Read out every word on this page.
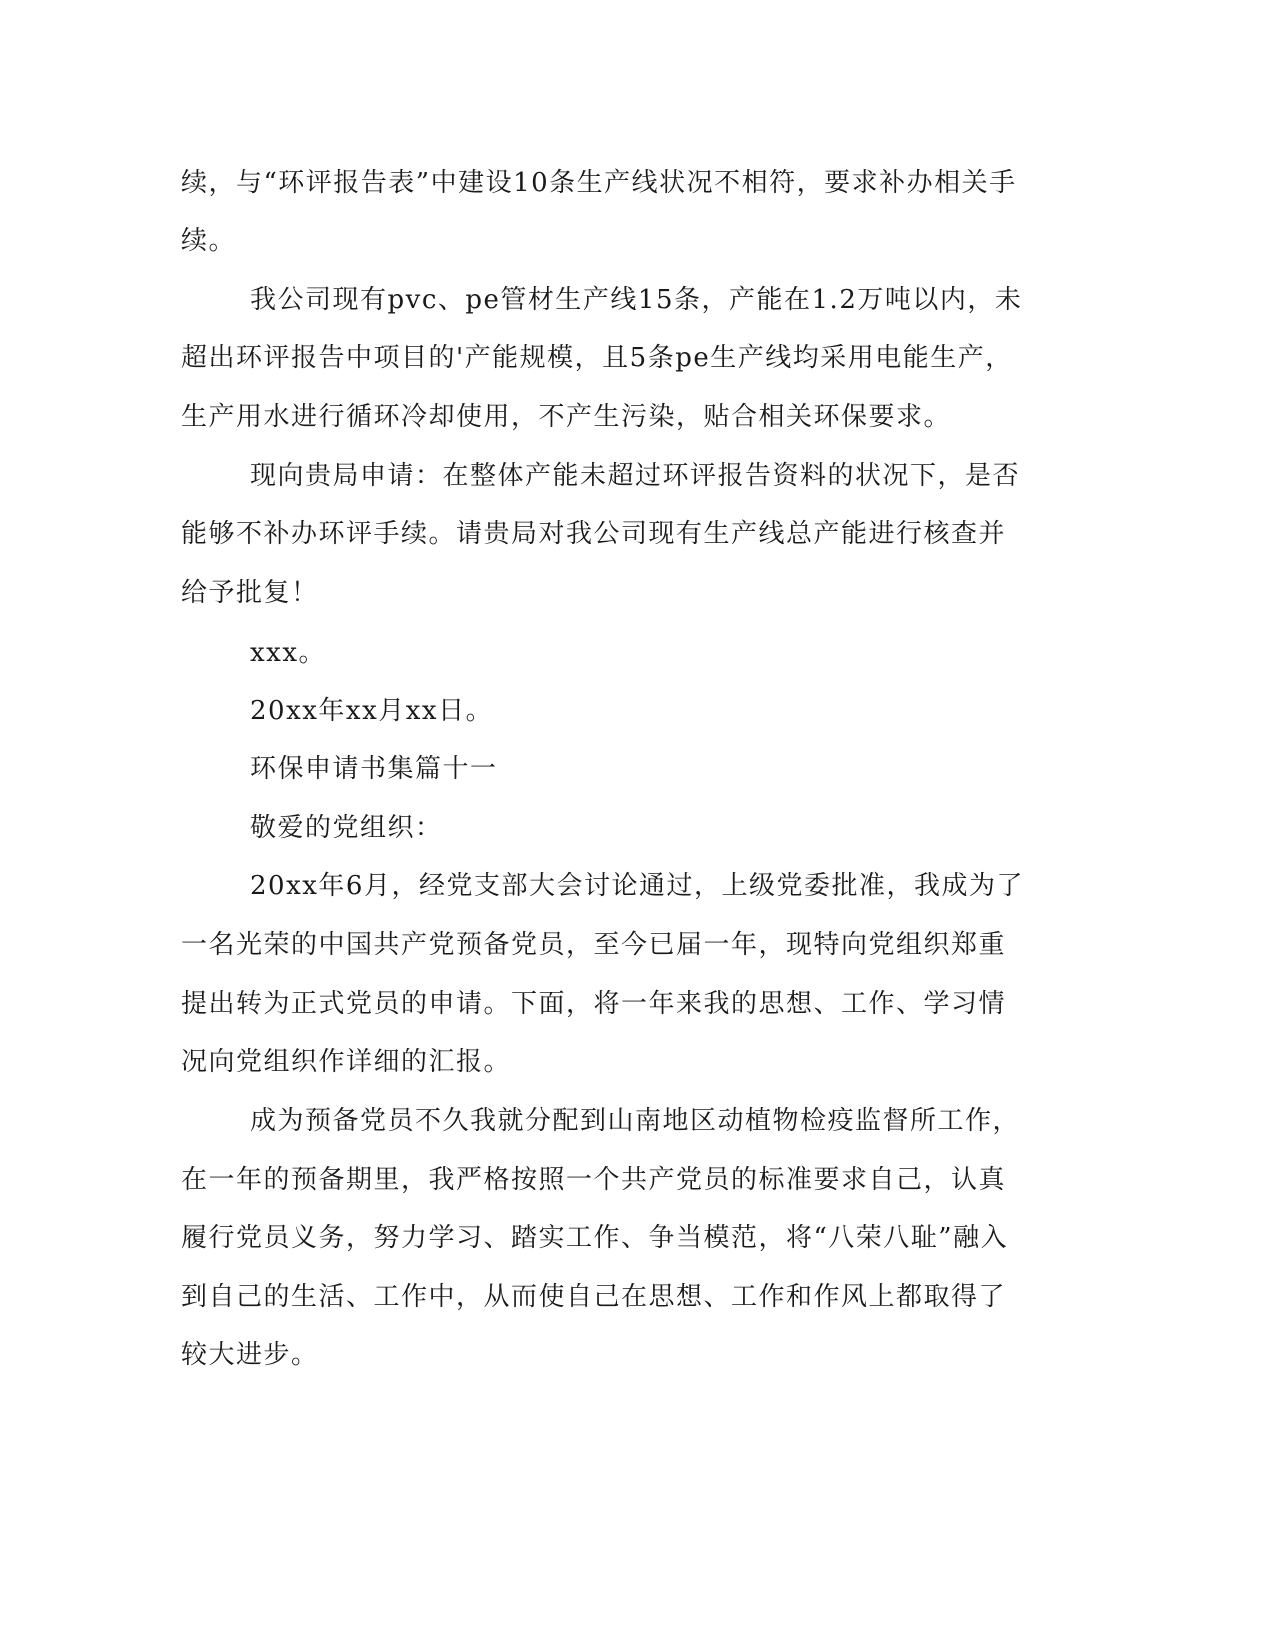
续，与“环评报告表”中建设10条生产线状况不相符，要求补办相关手
续。
我公司现有pvc、pe管材生产线15条，产能在1.2万吨以内，未
超出环评报告中项目的'产能规模，且5条pe生产线均采用电能生产，
生产用水进行循环冷却使用，不产生污染，贴合相关环保要求。
现向贵局申请：在整体产能未超过环评报告资料的状况下，是否
能够不补办环评手续。请贵局对我公司现有生产线总产能进行核查并
给予批复！
xxx。
20xx年xx月xx日。
环保申请书集篇十一
敬爱的党组织：
20xx年6月，经党支部大会讨论通过，上级党委批准，我成为了
一名光荣的中国共产党预备党员，至今已届一年，现特向党组织郑重
提出转为正式党员的申请。下面，将一年来我的思想、工作、学习情
况向党组织作详细的汇报。
成为预备党员不久我就分配到山南地区动植物检疫监督所工作，
在一年的预备期里，我严格按照一个共产党员的标准要求自己，认真
履行党员义务，努力学习、踏实工作、争当模范，将“八荣八耻”融入
到自己的生活、工作中，从而使自己在思想、工作和作风上都取得了
较大进步。
